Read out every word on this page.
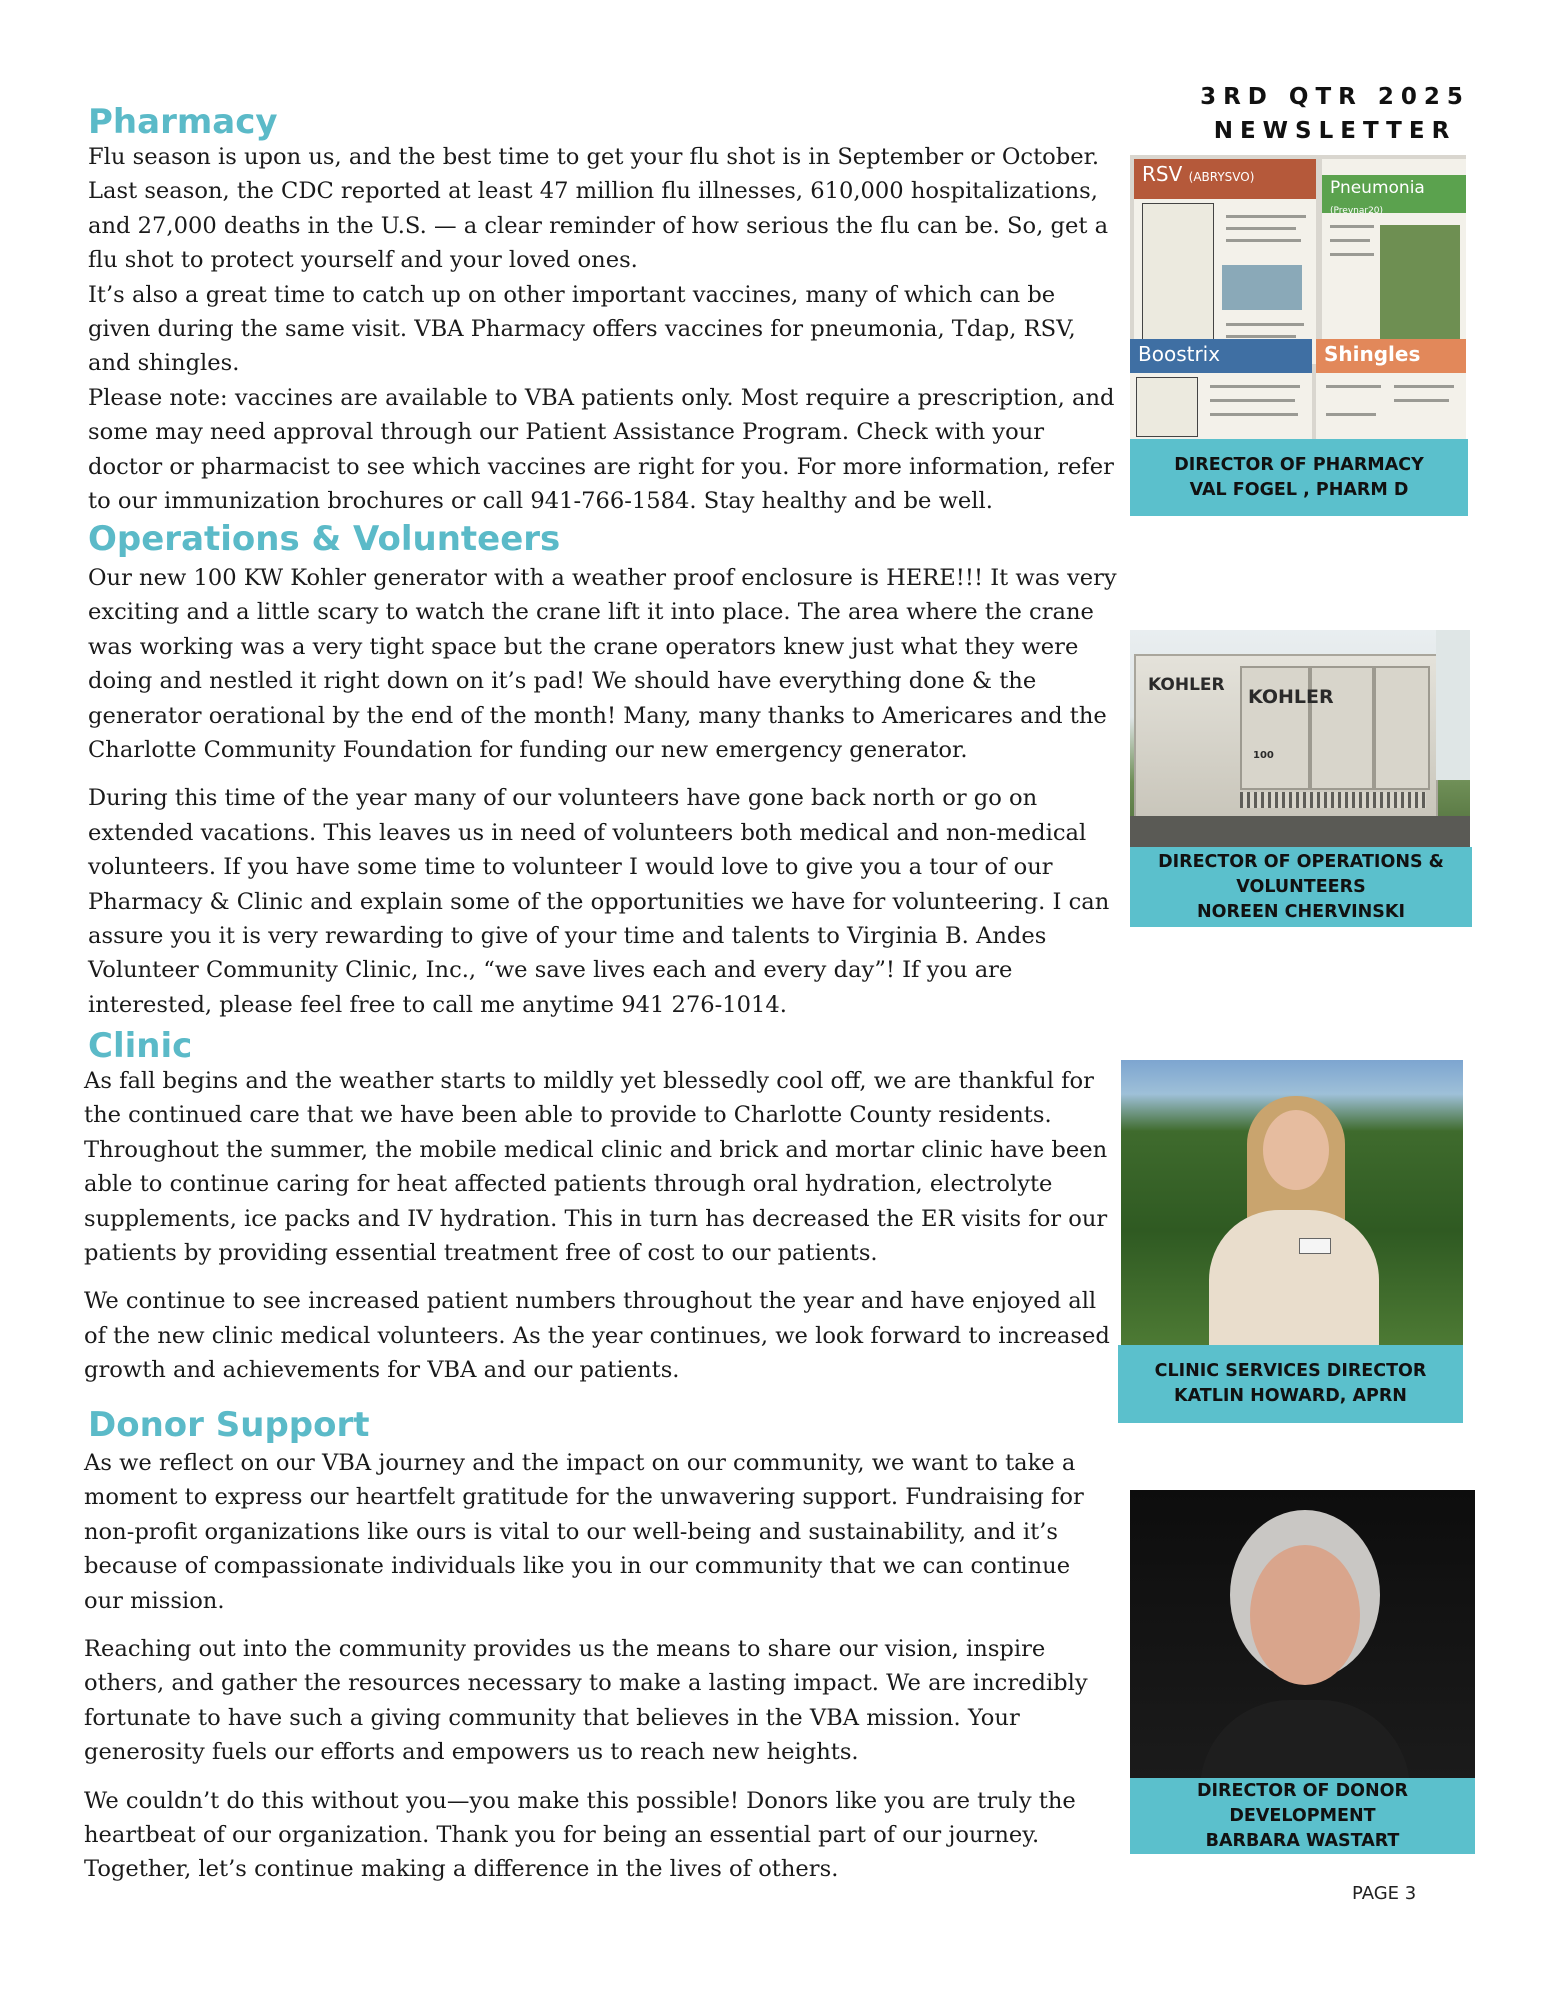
3RD QTR 2025
NEWSLETTER
Pharmacy

Flu season is upon us, and the best time to get your flu shot is in September or October. Last season, the CDC reported at least 47 million flu illnesses, 610,000 hospitalizations, and 27,000 deaths in the U.S. — a clear reminder of how serious the flu can be. So, get a flu shot to protect yourself and your loved ones.

It’s also a great time to catch up on other important vaccines, many of which can be given during the same visit. VBA Pharmacy offers vaccines for pneumonia, Tdap, RSV, and shingles.

Please note: vaccines are available to VBA patients only. Most require a prescription, and some may need approval through our Patient Assistance Program. Check with your doctor or pharmacist to see which vaccines are right for you. For more information, refer to our immunization brochures or call 941-766-1584. Stay healthy and be well.

RSV (ABRYSVO)
Pneumonia (Prevnar20)
Boostrix	Shingles
DIRECTOR OF PHARMACY
VAL FOGEL , PHARM D
Operations & Volunteers

Our new 100 KW Kohler generator with a weather proof enclosure is HERE!!! It was very exciting and a little scary to watch the crane lift it into place. The area where the crane was working was a very tight space but the crane operators knew just what they were doing and nestled it right down on it’s pad! We should have everything done & the generator oerational by the end of the month! Many, many thanks to Americares and the Charlotte Community Foundation for funding our new emergency generator.

During this time of the year many of our volunteers have gone back north or go on extended vacations. This leaves us in need of volunteers both medical and non-medical volunteers. If you have some time to volunteer I would love to give you a tour of our Pharmacy & Clinic and explain some of the opportunities we have for volunteering. I can assure you it is very rewarding to give of your time and talents to Virginia B. Andes Volunteer Community Clinic, Inc., “we save lives each and every day”! If you are interested, please feel free to call me anytime 941 276-1014.

KOHLER
KOHLER
100
DIRECTOR OF OPERATIONS &
VOLUNTEERS
NOREEN CHERVINSKI
Clinic

As fall begins and the weather starts to mildly yet blessedly cool off, we are thankful for the continued care that we have been able to provide to Charlotte County residents. Throughout the summer, the mobile medical clinic and brick and mortar clinic have been able to continue caring for heat affected patients through oral hydration, electrolyte supplements, ice packs and IV hydration. This in turn has decreased the ER visits for our patients by providing essential treatment free of cost to our patients.

We continue to see increased patient numbers throughout the year and have enjoyed all of the new clinic medical volunteers. As the year continues, we look forward to increased growth and achievements for VBA and our patients.	CLINIC SERVICES DIRECTOR
KATLIN HOWARD, APRN
Donor Support

As we reflect on our VBA journey and the impact on our community, we want to take a moment to express our heartfelt gratitude for the unwavering support. Fundraising for non-profit organizations like ours is vital to our well-being and sustainability, and it’s because of compassionate individuals like you in our community that we can continue our mission.

Reaching out into the community provides us the means to share our vision, inspire others, and gather the resources necessary to make a lasting impact. We are incredibly fortunate to have such a giving community that believes in the VBA mission. Your generosity fuels our efforts and empowers us to reach new heights.

We couldn’t do this without you—you make this possible! Donors like you are truly the heartbeat of our organization. Thank you for being an essential part of our journey. Together, let’s continue making a difference in the lives of others.

DIRECTOR OF DONOR
DEVELOPMENT
BARBARA WASTART
PAGE 3
